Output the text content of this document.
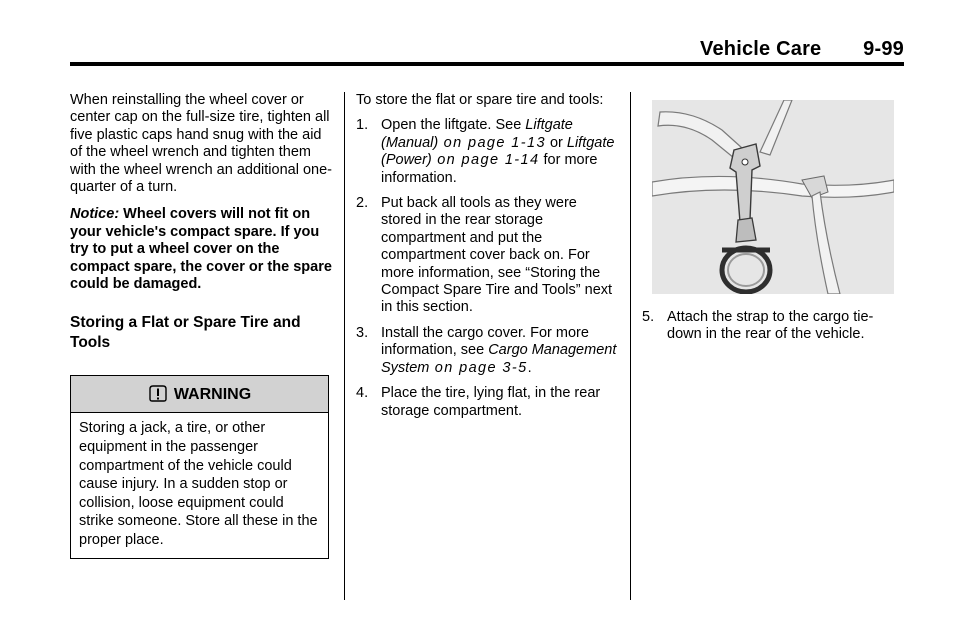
Vehicle Care 9-99

When reinstalling the wheel cover or center cap on the full-size tire, tighten all five plastic caps hand snug with the aid of the wheel wrench and tighten them with the wheel wrench an additional one-quarter of a turn.

Notice: Wheel covers will not fit on your vehicle's compact spare. If you try to put a wheel cover on the compact spare, the cover or the spare could be damaged.

Storing a Flat or Spare Tire and Tools

WARNING
Storing a jack, a tire, or other equipment in the passenger compartment of the vehicle could cause injury. In a sudden stop or collision, loose equipment could strike someone. Store all these in the proper place.

To store the flat or spare tire and tools:

1. Open the liftgate. See Liftgate (Manual) on page 1-13 or Liftgate (Power) on page 1-14 for more information.
2. Put back all tools as they were stored in the rear storage compartment and put the compartment cover back on. For more information, see “Storing the Compact Spare Tire and Tools” next in this section.
3. Install the cargo cover. For more information, see Cargo Management System on page 3-5.
4. Place the tire, lying flat, in the rear storage compartment.
5. Attach the strap to the cargo tie-down in the rear of the vehicle.
